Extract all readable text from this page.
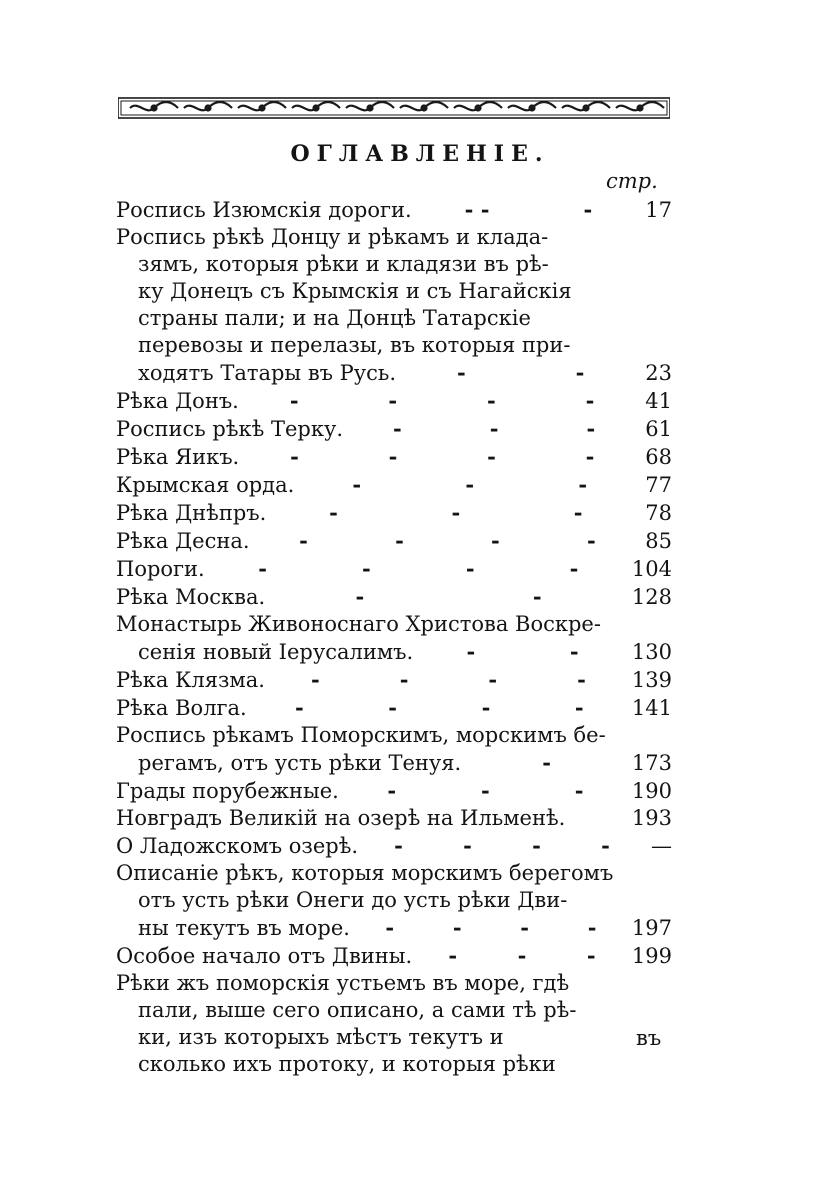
ОГЛАВЛЕНIЕ.
стр.
Роспись Изюмскiя дороги.	- -	-	17
Роспись рѣкѣ Донцу и рѣкамъ и клада-
зямъ, которыя рѣки и кладязи въ рѣ-
ку Донецъ съ Крымскiя и съ Нагайскiя
страны пали; и на Донцѣ Татарскiе
перевозы и перелазы, въ которыя при-
ходятъ Татары въ Русь.	-	-	23
Рѣка Донъ. -	-	-	- 41
Роспись рѣкѣ Терку. -	-	- 61
Рѣка Яикъ. -	-	-	- 68
Крымская орда.	-	-	-	77
Рѣка Днѣпръ.	-	-	-	78
Рѣка Десна. -	-	-	- 85
Пороги.	-	-	-	-	104
Рѣка Москва.	-	-	128
Монастырь Живоноснаго Христова Воскре-
сенiя новый Iерусалимъ.	-	-	130
Рѣка Клязма. -	-	-	- 139
Рѣка Волга. -	-	-	- 141
Роспись рѣкамъ Поморскимъ, морскимъ бе-
регамъ, отъ усть рѣки Тенуя.	-	173
Грады порубежные. -	-	- 190
Новградъ Великiй на озерѣ на Ильменѣ.	193
О Ладожскомъ озерѣ. -	-	-	- —
Описанiе рѣкъ, которыя морскимъ берегомъ
отъ усть рѣки Онеги до усть рѣки Дви-
ны текутъ въ море. -	-	-	- 197
Особое начало отъ Двины. -	-	- 199
Рѣки жъ поморскiя устьемъ въ море, гдѣ
пали, выше сего описано, а сами тѣ рѣ-
ки, изъ которыхъ мѣстъ текутъ и
сколько ихъ протоку, и которыя рѣки
въ
